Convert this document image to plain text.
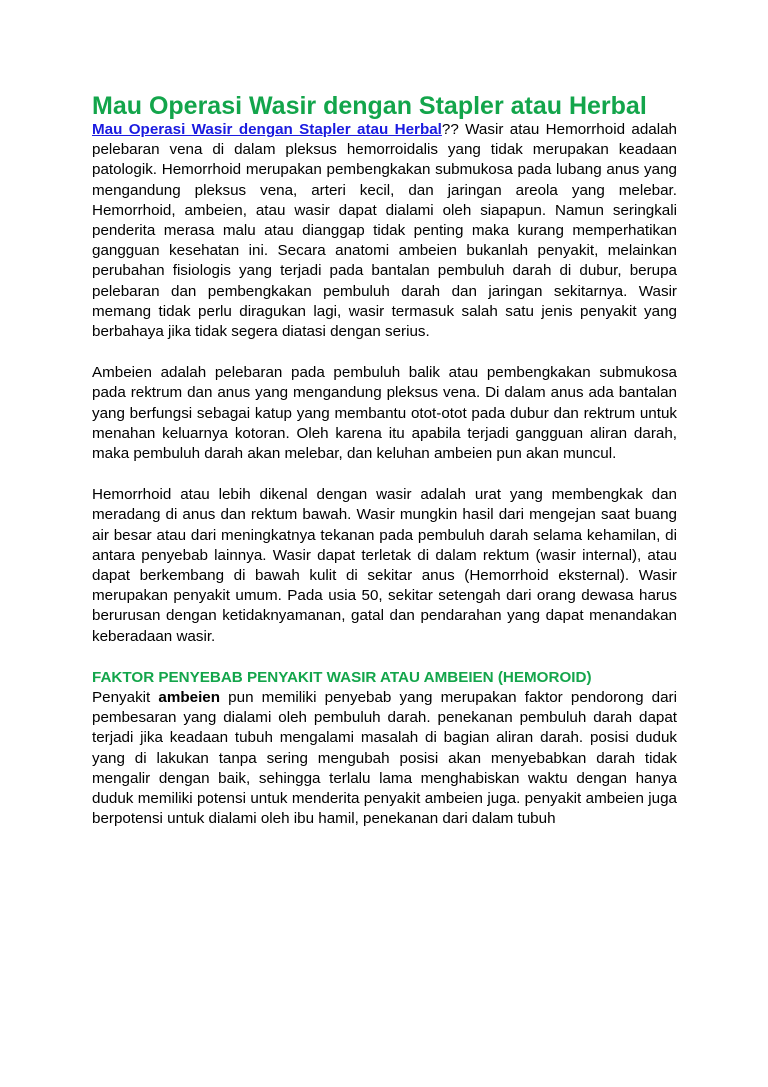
Mau Operasi Wasir dengan Stapler atau Herbal

Mau Operasi Wasir dengan Stapler atau Herbal?? Wasir atau Hemorrhoid adalah pelebaran vena di dalam pleksus hemorroidalis yang tidak merupakan keadaan patologik. Hemorrhoid merupakan pembengkakan submukosa pada lubang anus yang mengandung pleksus vena, arteri kecil, dan jaringan areola yang melebar. Hemorrhoid, ambeien, atau wasir dapat dialami oleh siapapun. Namun seringkali penderita merasa malu atau dianggap tidak penting maka kurang memperhatikan gangguan kesehatan ini. Secara anatomi ambeien bukanlah penyakit, melainkan perubahan fisiologis yang terjadi pada bantalan pembuluh darah di dubur, berupa pelebaran dan pembengkakan pembuluh darah dan jaringan sekitarnya. Wasir memang tidak perlu diragukan lagi, wasir termasuk salah satu jenis penyakit yang berbahaya jika tidak segera diatasi dengan serius.

Ambeien adalah pelebaran pada pembuluh balik atau pembengkakan submukosa pada rektrum dan anus yang mengandung pleksus vena. Di dalam anus ada bantalan yang berfungsi sebagai katup yang membantu otot-otot pada dubur dan rektrum untuk menahan keluarnya kotoran. Oleh karena itu apabila terjadi gangguan aliran darah, maka pembuluh darah akan melebar, dan keluhan ambeien pun akan muncul.

Hemorrhoid atau lebih dikenal dengan wasir adalah urat yang membengkak dan meradang di anus dan rektum bawah. Wasir mungkin hasil dari mengejan saat buang air besar atau dari meningkatnya tekanan pada pembuluh darah selama kehamilan, di antara penyebab lainnya. Wasir dapat terletak di dalam rektum (wasir internal), atau dapat berkembang di bawah kulit di sekitar anus (Hemorrhoid eksternal). Wasir merupakan penyakit umum. Pada usia 50, sekitar setengah dari orang dewasa harus berurusan dengan ketidaknyamanan, gatal dan pendarahan yang dapat menandakan keberadaan wasir.

FAKTOR PENYEBAB PENYAKIT WASIR ATAU AMBEIEN (HEMOROID)

Penyakit ambeien pun memiliki penyebab yang merupakan faktor pendorong dari pembesaran yang dialami oleh pembuluh darah. penekanan pembuluh darah dapat terjadi jika keadaan tubuh mengalami masalah di bagian aliran darah. posisi duduk yang di lakukan tanpa sering mengubah posisi akan menyebabkan darah tidak mengalir dengan baik, sehingga terlalu lama menghabiskan waktu dengan hanya duduk memiliki potensi untuk menderita penyakit ambeien juga. penyakit ambeien juga berpotensi untuk dialami oleh ibu hamil, penekanan dari dalam tubuh
